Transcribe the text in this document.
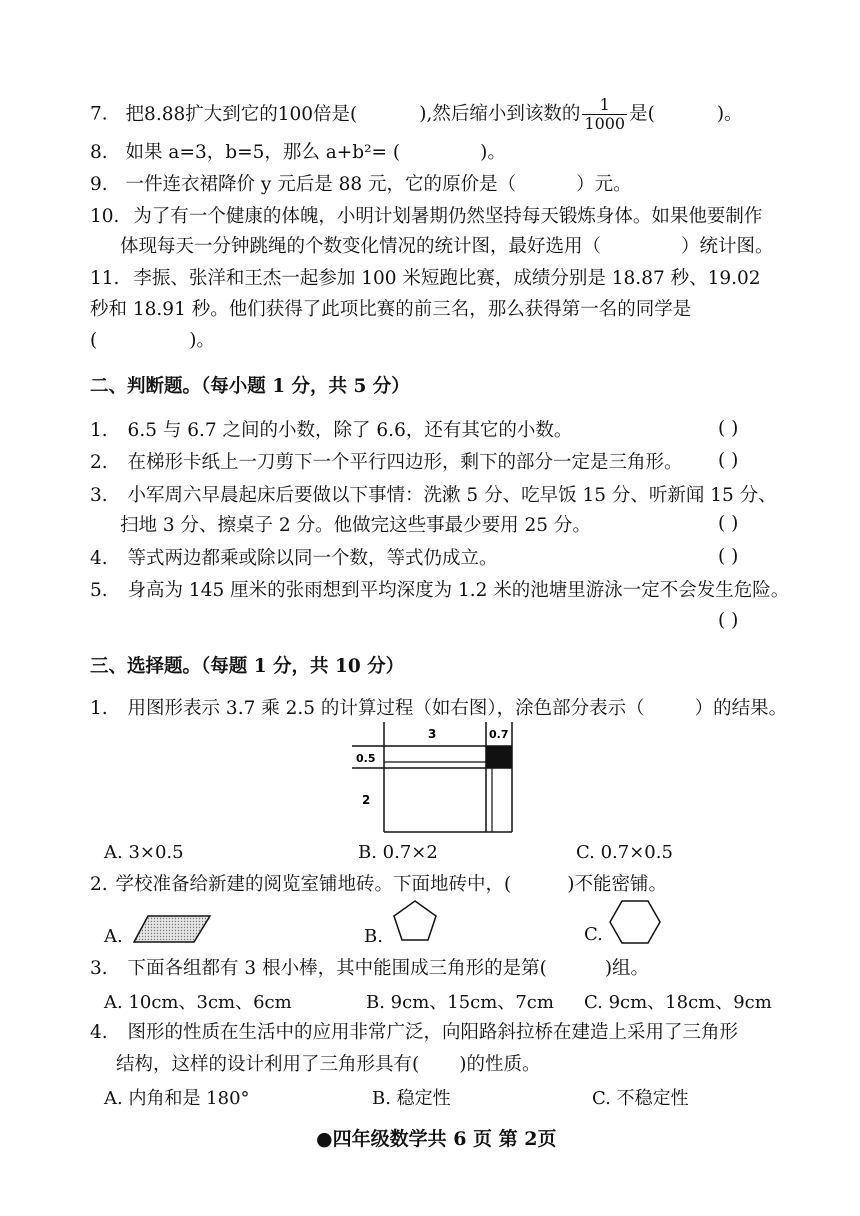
7. 把8.88扩大到它的100倍是(	),然后缩小到该数的 $\frac{1}{1000}$ 是(	)。
8. 如果 a=3，b=5，那么 a+b²= (	)。
9. 一件连衣裙降价 y 元后是 88 元，它的原价是（	）元。
10. 为了有一个健康的体魄，小明计划暑期仍然坚持每天锻炼身体。如果他要制作
体现每天一分钟跳绳的个数变化情况的统计图，最好选用（	）统计图。
11. 李振、张洋和王杰一起参加 100 米短跑比赛，成绩分别是 18.87 秒、19.02
秒和 18.91 秒。他们获得了此项比赛的前三名，那么获得第一名的同学是
(	)。
二、判断题。（每小题 1 分，共 5 分）
1. 6.5 与 6.7 之间的小数，除了 6.6，还有其它的小数。	( )
2. 在梯形卡纸上一刀剪下一个平行四边形，剩下的部分一定是三角形。 ( )
3. 小军周六早晨起床后要做以下事情：洗漱 5 分、吃早饭 15 分、听新闻 15 分、
扫地 3 分、擦桌子 2 分。他做完这些事最少要用 25 分。	( )
4. 等式两边都乘或除以同一个数，等式仍成立。	( )
5. 身高为 145 厘米的张雨想到平均深度为 1.2 米的池塘里游泳一定不会发生危险。
( )
三、选择题。（每题 1 分，共 10 分）
1. 用图形表示 3.7 乘 2.5 的计算过程（如右图），涂色部分表示（	）的结果。
3	0.7
0.5
2
A. 3×0.5	B. 0.7×2	C. 0.7×0.5
2. 学校准备给新建的阅览室铺地砖。下面地砖中，(	)不能密铺。
A.	B.	C.
3. 下面各组都有 3 根小棒，其中能围成三角形的是第(	)组。
A. 10cm、3cm、6cm	B. 9cm、15cm、7cm C. 9cm、18cm、9cm
4. 图形的性质在生活中的应用非常广泛，向阳路斜拉桥在建造上采用了三角形
结构，这样的设计利用了三角形具有( )的性质。
A. 内角和是 180°	B. 稳定性	C. 不稳定性
●四年级数学共 6 页 第 2页
